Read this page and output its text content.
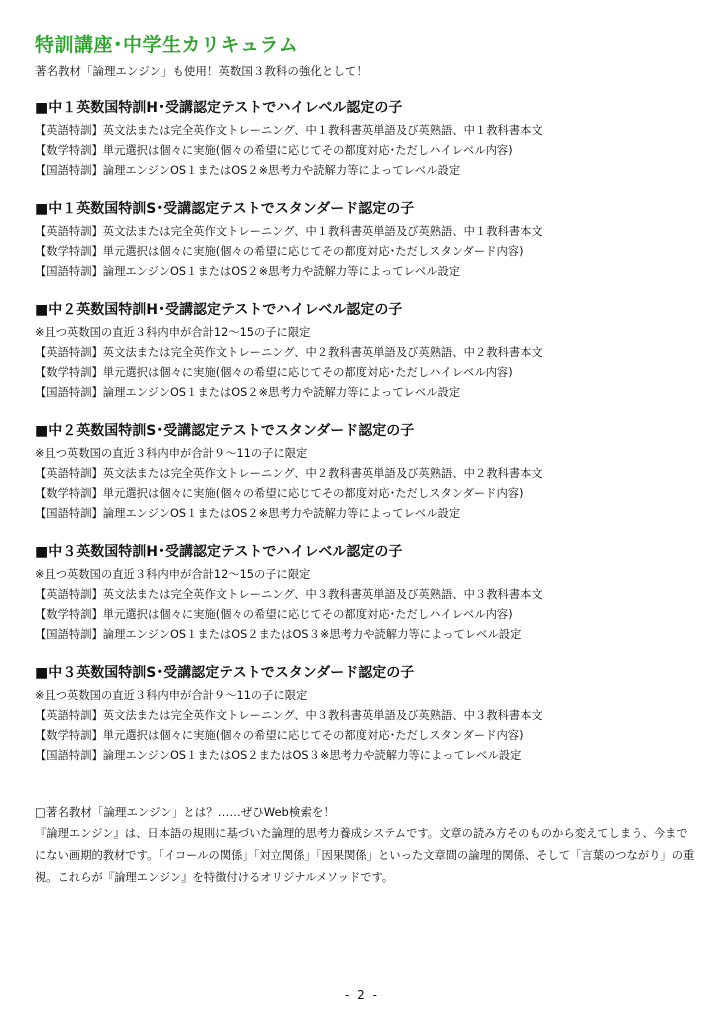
特訓講座･中学生カリキュラム
著名教材「論理エンジン」も使用！英数国３教科の強化として！
■中１英数国特訓H･受講認定テストでハイレベル認定の子
【英語特訓】英文法または完全英作文トレーニング、中１教科書英単語及び英熟語、中１教科書本文
【数学特訓】単元選択は個々に実施(個々の希望に応じてその都度対応･ただしハイレベル内容)
【国語特訓】論理エンジンOS１またはOS２※思考力や読解力等によってレベル設定
■中１英数国特訓S･受講認定テストでスタンダード認定の子
【英語特訓】英文法または完全英作文トレーニング、中１教科書英単語及び英熟語、中１教科書本文
【数学特訓】単元選択は個々に実施(個々の希望に応じてその都度対応･ただしスタンダード内容)
【国語特訓】論理エンジンOS１またはOS２※思考力や読解力等によってレベル設定
■中２英数国特訓H･受講認定テストでハイレベル認定の子
※且つ英数国の直近３科内申が合計12～15の子に限定
【英語特訓】英文法または完全英作文トレーニング、中２教科書英単語及び英熟語、中２教科書本文
【数学特訓】単元選択は個々に実施(個々の希望に応じてその都度対応･ただしハイレベル内容)
【国語特訓】論理エンジンOS１またはOS２※思考力や読解力等によってレベル設定
■中２英数国特訓S･受講認定テストでスタンダード認定の子
※且つ英数国の直近３科内申が合計９～11の子に限定
【英語特訓】英文法または完全英作文トレーニング、中２教科書英単語及び英熟語、中２教科書本文
【数学特訓】単元選択は個々に実施(個々の希望に応じてその都度対応･ただしスタンダード内容)
【国語特訓】論理エンジンOS１またはOS２※思考力や読解力等によってレベル設定
■中３英数国特訓H･受講認定テストでハイレベル認定の子
※且つ英数国の直近３科内申が合計12～15の子に限定
【英語特訓】英文法または完全英作文トレーニング、中３教科書英単語及び英熟語、中３教科書本文
【数学特訓】単元選択は個々に実施(個々の希望に応じてその都度対応･ただしハイレベル内容)
【国語特訓】論理エンジンOS１またはOS２またはOS３※思考力や読解力等によってレベル設定
■中３英数国特訓S･受講認定テストでスタンダード認定の子
※且つ英数国の直近３科内申が合計９～11の子に限定
【英語特訓】英文法または完全英作文トレーニング、中３教科書英単語及び英熟語、中３教科書本文
【数学特訓】単元選択は個々に実施(個々の希望に応じてその都度対応･ただしスタンダード内容)
【国語特訓】論理エンジンOS１またはOS２またはOS３※思考力や読解力等によってレベル設定
□著名教材「論理エンジン」とは？……ぜひWeb検索を！
『論理エンジン』は、日本語の規則に基づいた論理的思考力養成システムです。文章の読み方そのものから変えてしまう、今までにない画期的教材です。「イコールの関係」「対立関係」「因果関係」といった文章間の論理的関係、そして「言葉のつながり」の重視。これらが『論理エンジン』を特徴付けるオリジナルメソッドです。
- 2 -
